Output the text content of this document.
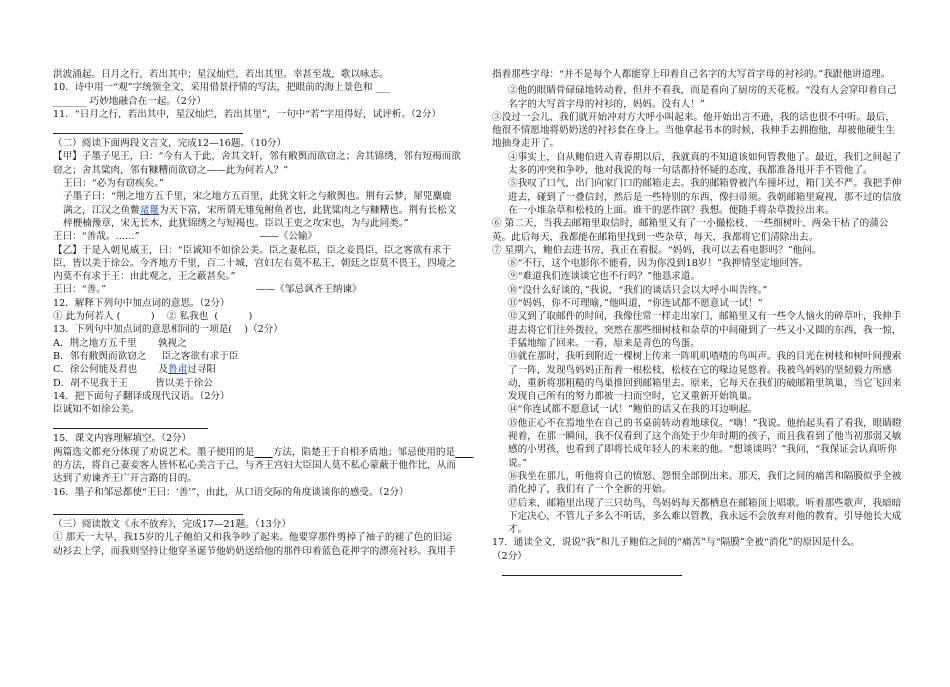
洪波涌起。日月之行，若出其中；星汉灿烂，若出其里。幸甚至哉，歌以咏志。

10．诗中用一“观”字统领全文，采用借景抒情的写法，把眼前的海上景色和 ___

_______ 巧妙地融合在一起。（2分）

11．“日月之行，若出其中，星汉灿烂，若出其里”，一句中“若”字用得好，试评析。（2分）

（二）阅读下面两段文言文，完成12—16题。（10分）

【甲】子墨子见王，曰：“今有人于此，舍其文轩，邻有敝舆而欲窃之；舍其锦绣，邻有短褐而欲窃之；舍其粱肉，邻有糠糟而欲窃之——此为何若人？”

王曰：“必为有窃疾矣。”

子墨子曰：“荆之地方五千里，宋之地方五百里，此犹文轩之与敝舆也。荆有云梦，犀兕麋鹿满之，江汉之鱼鳖鼋鼍为天下富，宋所谓无雉兔鲋鱼者也，此犹粱肉之与糠糟也。荆有长松文梓楩楠豫章，宋无长木，此犹锦绣之与短褐也。臣以王吏之攻宋也，为与此同类。”

王曰：“善哉。……”	——《公输》

【乙】于是入朝见威王，曰：“臣诚知不如徐公美。臣之妻私臣，臣之妾畏臣，臣之客欲有求于臣，皆以美于徐公。今齐地方千里，百二十城，宫妇左右莫不私王，朝廷之臣莫不畏王，四境之内莫不有求于王：由此观之，王之蔽甚矣。”

王曰：“善。”	——《邹忌讽齐王纳谏》

12．解释下列句中加点词的意思。（2分）

① 此为何若人 (          )    ② 私我也  (          )

13．下列句中加点词的意思相同的一项是(    )（2分）

A．荆之地方五千里       孰视之

B．邻有敝舆而欲窃之     臣之客欲有求于臣

C．徐公何能及君也       及鲁肃过寻阳

D．胡不见我于王         皆以美于徐公

14．把下面句子翻译成现代汉语。（2分）

臣诚知不如徐公美。

15．课文内容理解填空。（2分）

两篇选文都充分体现了劝说艺术。墨子使用的是 方法，陷楚王于自相矛盾地；邹忌使用的是      的方法，将自己妻妾客人皆怀私心美言于己，与齐王宫妇大臣国人莫不私心蒙蔽于他作比，从而达到了劝谏齐王广开言路的目的。

16．墨子和邹忌都使“王曰：‘善’”，由此，从口语交际的角度谈谈你的感受。（2分）

（三）阅读散文《永不放弃》，完成17—21题。（13分）

① 那天一大早，我15岁的儿子鲍伯又和我争吵了起来。他要穿那件剪掉了袖子的褪了色的旧运动衫去上学，而我则坚持让他穿圣诞节他奶奶送给他的那件印着蓝色花押字的漂亮衬衫。我用手

指着那些字母：“并不是每个人都能穿上印着自己名字的大写首字母的衬衫的。”我跟他讲道理。

②他的眼睛骨碌碌地转动着，但并不看我，而是看向了厨房的天花板。“没有人会穿印着自己名字的大写首字母的衬衫的，妈妈。没有人！”

③没过一会儿，我们就开始冲对方大呼小叫起来。他开始出言不逊，我的话也很不中听。最后，他很不情愿地将奶奶送的衬衫套在身上。当他拿起书本的时候，我伸手去拥抱他，却被他硬生生地抽身走开了。

④事实上，自从鲍伯进入青春期以后，我就真的不知道该如何管教他了。最近，我们之间起了太多的冲突和争吵，他对我说的每一句话都持怀疑的态度，我都准备甩开手不管他了。

⑤我叹了口气，出门向家门口的邮箱走去。我的邮箱曾被汽车撞坏过，箱门关不严。我把手伸进去，碰到了一叠信封，然后是一些特别的东西，像扫帚须。我朝邮箱里窥视，那不过的信放在一小堆杂草和松枝的上面。谁干的恶作剧？我想。便随手将杂草拨拉出来。

⑥ 第二天，当我去邮箱里取信时，邮箱里又有了一小撮松枝、一些细树叶、两朵干枯了的蒲公英。此后每天，我都能在邮箱里找到一些杂草，每天，我都将它们清除出去。

⑦ 星期六，鲍伯去进书房，我正在看报。“妈妈，我可以去看电影吗？”他问。

⑧“不行，这个电影你不能看，因为你没到18岁！”我押情坚定地回答。

⑨“难道我们连谈谈它也不行吗？”他恳求道。

⑩“没什么好谈的，”我说，“我们的谈话只会以大呼小叫告终。”

⑪“妈妈，你不可理喻，”他叫道，“你连试都不愿意试一试！”

⑫又到了取邮件的时间，我像往常一样走出家门，邮箱里又有一些令人恼火的碎草叶，我伸手进去将它们往外拨拉，突然在那些细树枝和杂草的中间碰到了一些又小又圆的东西，我一惊，手猛地缩了回来。一看，原来是青色的鸟蛋。

⑬就在那时，我听到附近一棵树上传来一阵叽叽喳喳的鸟叫声。我的目光在树枝和树叶间搜索了一阵，发现鸟妈妈正衔着一根松枝，松枝在它的喙边晃悠着。我被鸟妈妈的坚韧毅力所感动，重新将那粗糙的鸟巢推回到邮箱里去。原来，它每天在我们的破邮箱里筑巢，当它飞回来发现自己所有的努力都被一扫而空时，它又重新开始筑巢。

⑭“你连试都不愿意试一试！”鲍伯的话又在我的耳边响起。

⑮他正心不在焉地坐在自己的书桌前转动着地球仪。“嗨！”我说。他抬起头看了看我，眼睛瞪视着，在那一瞬间，我不仅看到了这个高处于少年时期的孩子，而且我看到了他当初那弱又敏感的小男孩，也看到了即将长成年轻人的未来的他。“想谈谈吗？”我问，“我保证会认真听你说。”

⑯我坐在那儿，听他将自己的愤怒、怨恨全部倒出来。那天，我们之间的痛苦和隔膜似乎全被消化掉了，我们有了一个全新的开始。

⑰后来，邮箱里出现了三只幼鸟，鸟妈妈每天都栖息在邮箱顶上唱歌。听着那些歌声，我暗暗下定决心，不管儿子多么不听话，多么难以管教，我永远不会放弃对他的教育，引导他长大成才。

17．通读全文，说说“我”和儿子鲍伯之间的“痛苦”与“隔膜”全被“消化”的原因是什么。

（2分）
